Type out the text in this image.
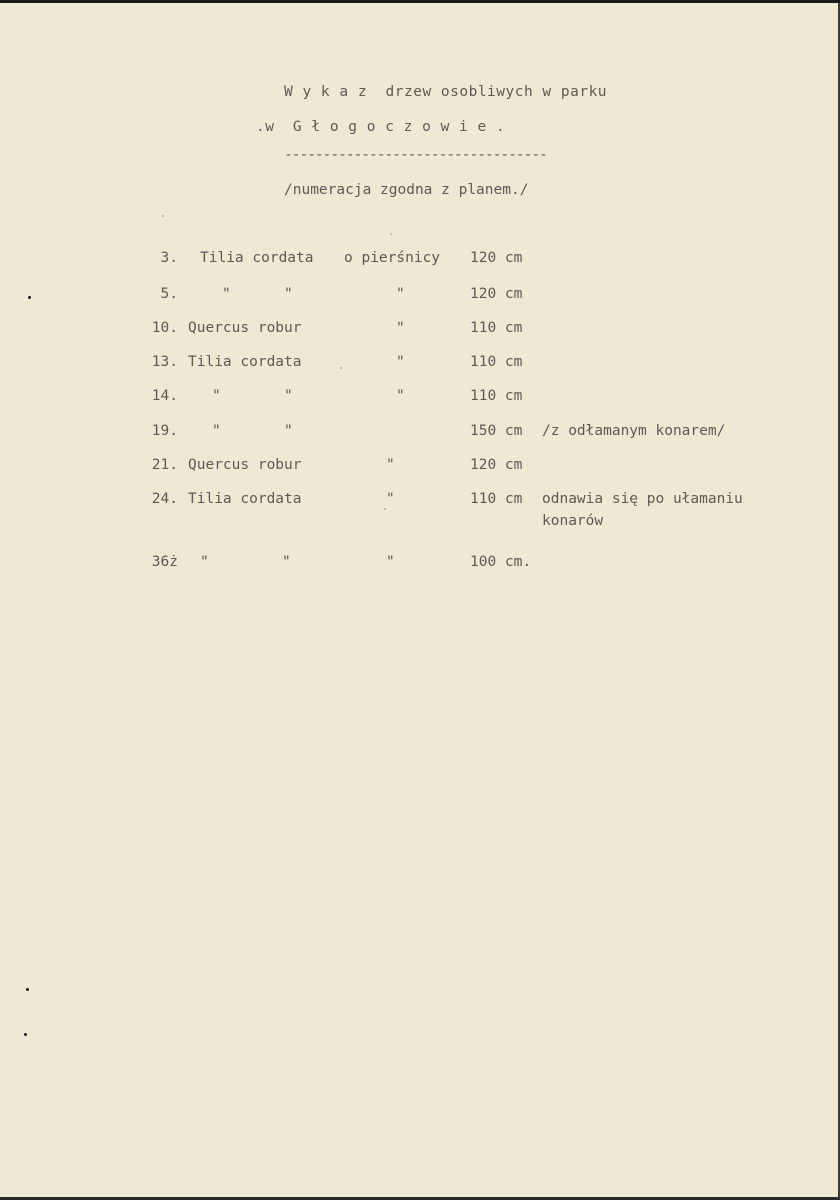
W y k a z  drzew osobliwych w parku
.w  G ł o g o c z o w i e .
----------------------------------
/numeracja zgodna z planem./
3. Tilia cordata o pierśnicy 120 cm
5.	"	"	"	120 cm
10. Quercus robur	"	110 cm
13. Tilia cordata	"	110 cm
14. "	"	"	110 cm
19. "	"	150 cm /z odłamanym konarem/
21. Quercus robur	"	120 cm
24. Tilia cordata	"	110 cm odnawia się po ułamaniu
konarów
36ż "	"	"	100 cm.
